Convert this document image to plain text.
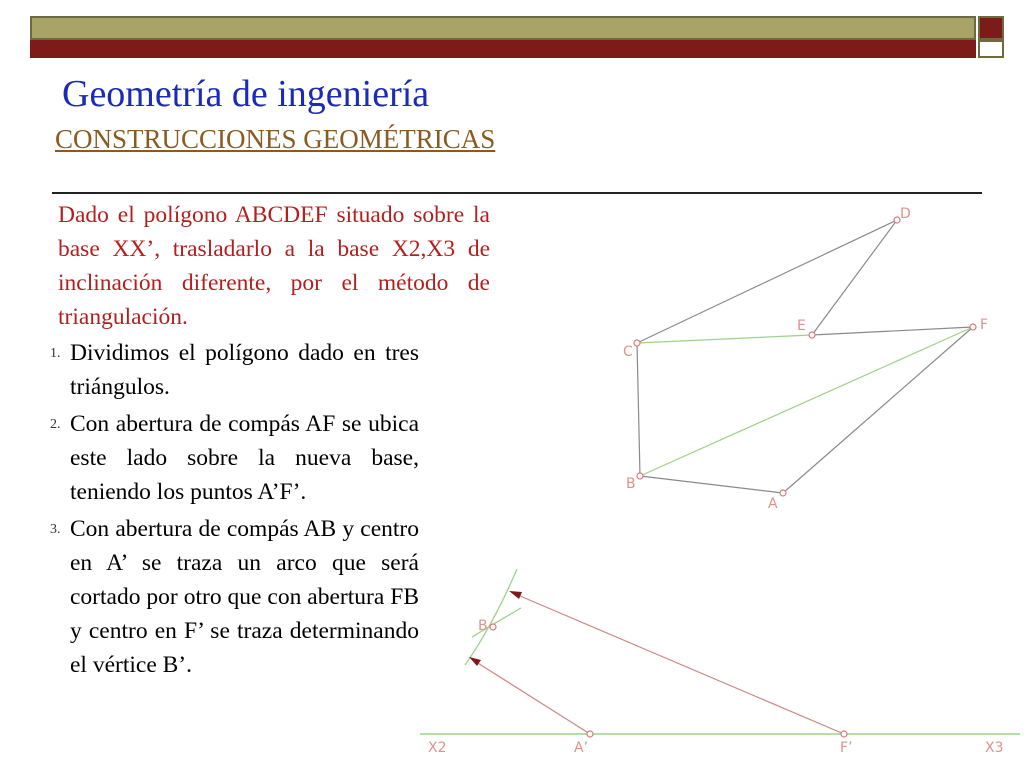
Geometría de ingeniería
CONSTRUCCIONES GEOMÉTRICAS
Dado el polígono ABCDEF situado sobre la base XX’, trasladarlo a la base X2,X3 de inclinación diferente, por el método de triangulación.
1. Dividimos el polígono dado en tres triángulos.
2. Con abertura de compás AF se ubica este lado sobre la nueva base, teniendo los puntos A’F’.
3. Con abertura de compás AB y centro en A’ se traza un arco que será cortado por otro que con abertura FB y centro en F’ se traza determinando el vértice B’.
A
B
C
D
E	F
B
X2	A’	F’	X3
